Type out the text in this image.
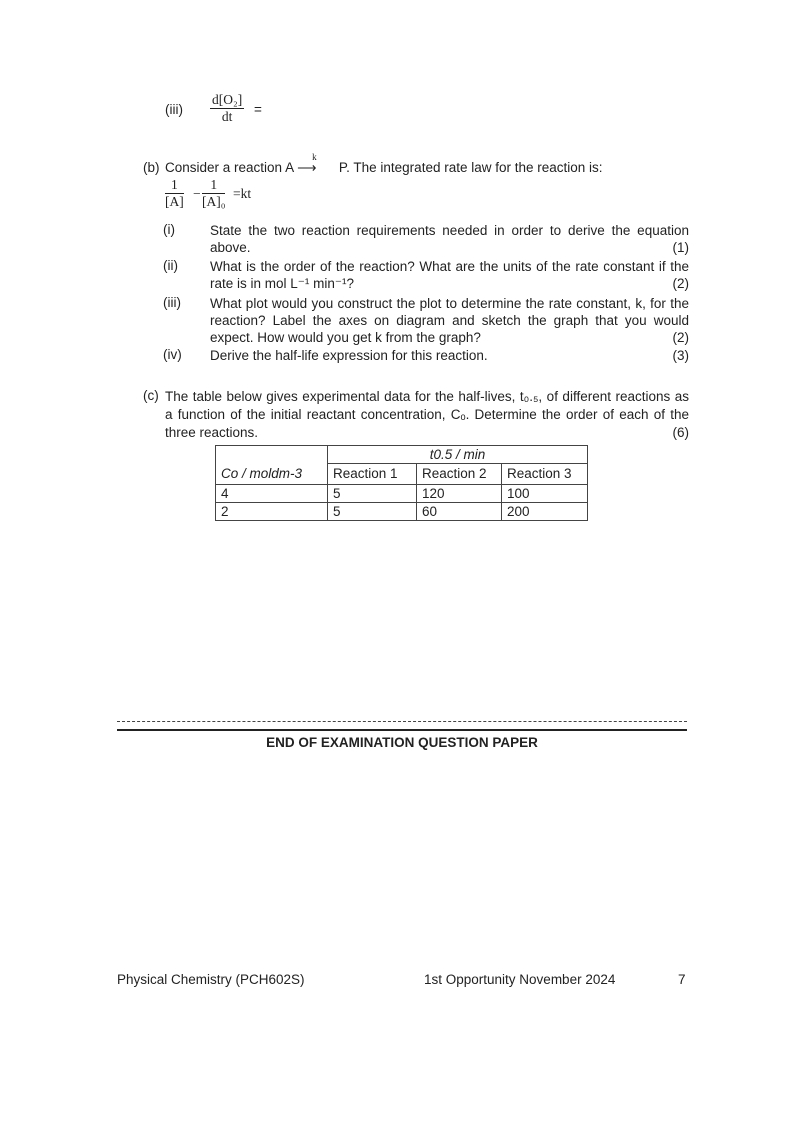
$(iii) \frac{\text{d[O₂]}}{dt}$ =
(b) Consider a reaction A
k
⟶ P. The integrated rate law for the reaction is:
$\frac{1}{[A]} - \frac{1}{\text{[A]₀}} =kt$
(i)	State the two reaction requirements needed in order to derive the equation above.	(1)
(ii) What is the order of the reaction? What are the units of the rate constant if the rate is in mol L⁻¹ min⁻¹?	(2)
(iii) What plot would you construct the plot to determine the rate constant, k, for the reaction? Label the axes on diagram and sketch the graph that you would expect. How would you get k from the graph?	(2)
(iv) Derive the half-life expression for this reaction.	(3)
(c) The table below gives experimental data for the half-lives, t₀.₅, of different reactions as a function of the initial reactant concentration, Cₒ. Determine the order of each of the three reactions.	(6)
	t0.5 / min		
Co / moldm-3	Reaction 1	Reaction 2	Reaction 3
4	5	120	100
2	5	60	200
END OF EXAMINATION QUESTION PAPER
Physical Chemistry (PCH602S)	1st Opportunity November 2024	7
